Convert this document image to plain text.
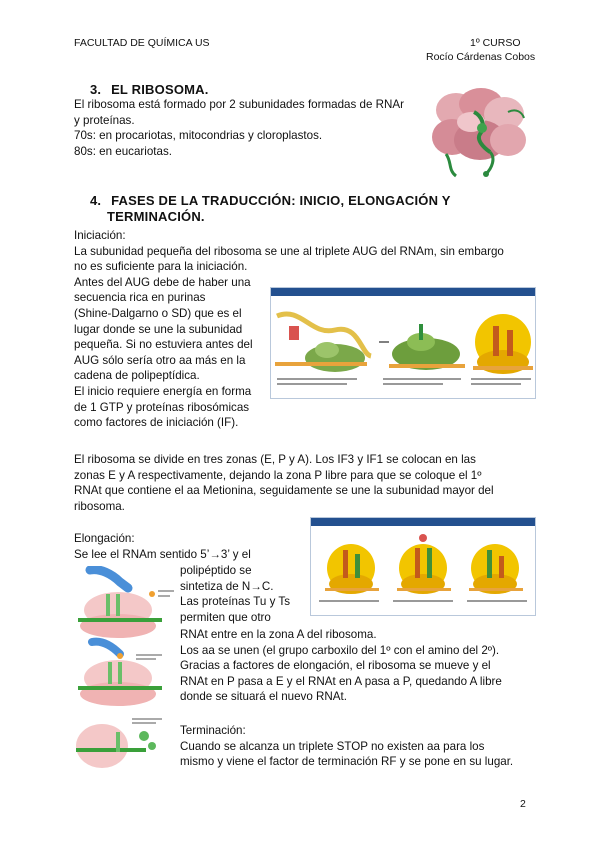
FACULTAD DE QUÍMICA US	1º CURSO
Rocío Cárdenas Cobos
3. EL RIBOSOMA.
El ribosoma está formado por 2 subunidades formadas de RNAr
y proteínas.
70s: en procariotas, mitocondrias y cloroplastos.
80s: en eucariotas.
4. FASES DE LA TRADUCCIÓN: INICIO, ELONGACIÓN Y
TERMINACIÓN.
Iniciación:
La subunidad pequeña del ribosoma se une al triplete AUG del RNAm, sin embargo
no es suficiente para la iniciación.
Antes del AUG debe de haber una
secuencia rica en purinas
(Shine-Dalgarno o SD) que es el
lugar donde se une la subunidad
pequeña. Si no estuviera antes del
AUG sólo sería otro aa más en la
cadena de polipeptídica.
El inicio requiere energía en forma
de 1 GTP y proteínas ribosómicas
como factores de iniciación (IF).
El ribosoma se divide en tres zonas (E, P y A). Los IF3 y IF1 se colocan en las
zonas E y A respectivamente, dejando la zona P libre para que se coloque el 1º
RNAt que contiene el aa Metionina, seguidamente se une la subunidad mayor del
ribosoma.
Elongación:
Se lee el RNAm sentido 5’→3’ y el
polipéptido se
sintetiza de N→C.
Las proteínas Tu y Ts
permiten que otro
RNAt entre en la zona A del ribosoma.
Los aa se unen (el grupo carboxilo del 1º con el amino del 2º).
Gracias a factores de elongación, el ribosoma se mueve y el
RNAt en P pasa a E y el RNAt en A pasa a P, quedando A libre
donde se situará el nuevo RNAt.
Terminación:
Cuando se alcanza un triplete STOP no existen aa para los
mismo y viene el factor de terminación RF y se pone en su lugar.
2
